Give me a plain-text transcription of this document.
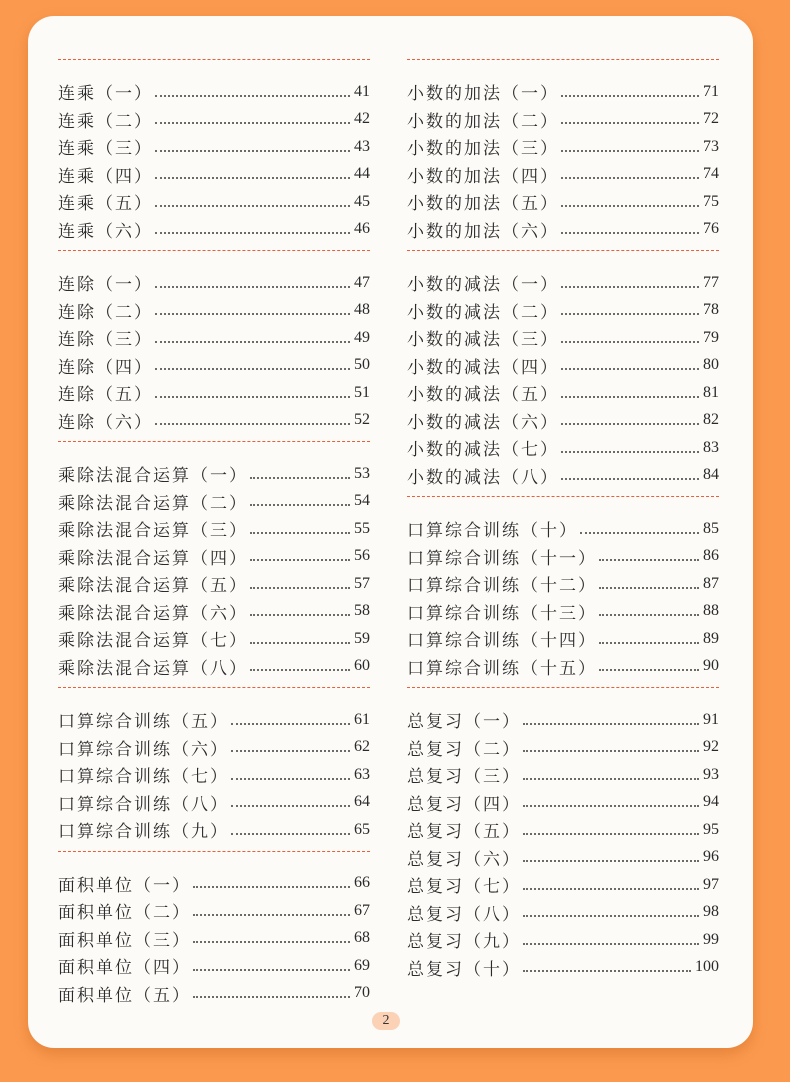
连乘（一）	41
连乘（二）	42
连乘（三）	43
连乘（四）	44
连乘（五）	45
连乘（六）	46
连除（一）	47
连除（二）	48
连除（三）	49
连除（四）	50
连除（五）	51
连除（六）	52
乘除法混合运算（一）	53
乘除法混合运算（二）	54
乘除法混合运算（三）	55
乘除法混合运算（四）	56
乘除法混合运算（五）	57
乘除法混合运算（六）	58
乘除法混合运算（七）	59
乘除法混合运算（八）	60
口算综合训练（五）	61
口算综合训练（六）	62
口算综合训练（七）	63
口算综合训练（八）	64
口算综合训练（九）	65
面积单位（一）	66
面积单位（二）	67
面积单位（三）	68
面积单位（四）	69
面积单位（五）	70
小数的加法（一）	71
小数的加法（二）	72
小数的加法（三）	73
小数的加法（四）	74
小数的加法（五）	75
小数的加法（六）	76
小数的减法（一）	77
小数的减法（二）	78
小数的减法（三）	79
小数的减法（四）	80
小数的减法（五）	81
小数的减法（六）	82
小数的减法（七）	83
小数的减法（八）	84
口算综合训练（十）	85
口算综合训练（十一）	86
口算综合训练（十二）	87
口算综合训练（十三）	88
口算综合训练（十四）	89
口算综合训练（十五）	90
总复习（一）	91
总复习（二）	92
总复习（三）	93
总复习（四）	94
总复习（五）	95
总复习（六）	96
总复习（七）	97
总复习（八）	98
总复习（九）	99
总复习（十）	100
2
